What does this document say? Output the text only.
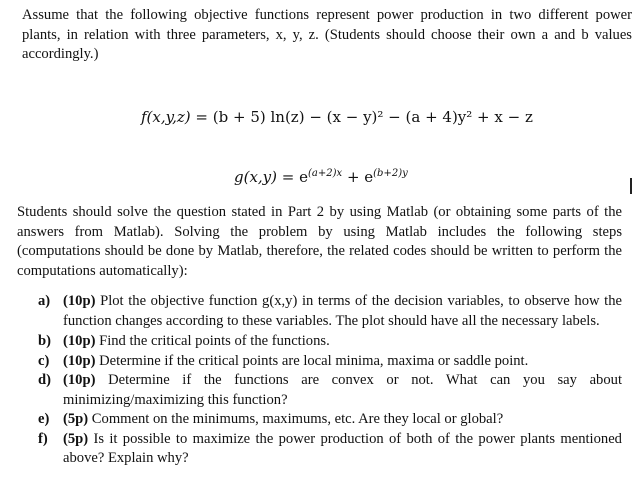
Assume that the following objective functions represent power production in two different power plants, in relation with three parameters, x, y, z. (Students should choose their own a and b values accordingly.)

f(x,y,z) = (b + 5) ln(z) − (x − y)² − (a + 4)y² + x − z
$g(x,y) = e^{(a+2)x} + e^{(b+2)y}$

Students should solve the question stated in Part 2 by using Matlab (or obtaining some parts of the answers from Matlab). Solving the problem by using Matlab includes the following steps (computations should be done by Matlab, therefore, the related codes should be written to perform the computations automatically):

a) (10p) Plot the objective function g(x,y) in terms of the decision variables, to observe how the function changes according to these variables. The plot should have all the necessary labels.
b) (10p) Find the critical points of the functions.
c) (10p) Determine if the critical points are local minima, maxima or saddle point.
d) (10p) Determine if the functions are convex or not. What can you say about minimizing/maximizing this function?
e) (5p) Comment on the minimums, maximums, etc. Are they local or global?
f) (5p) Is it possible to maximize the power production of both of the power plants mentioned above? Explain why?
